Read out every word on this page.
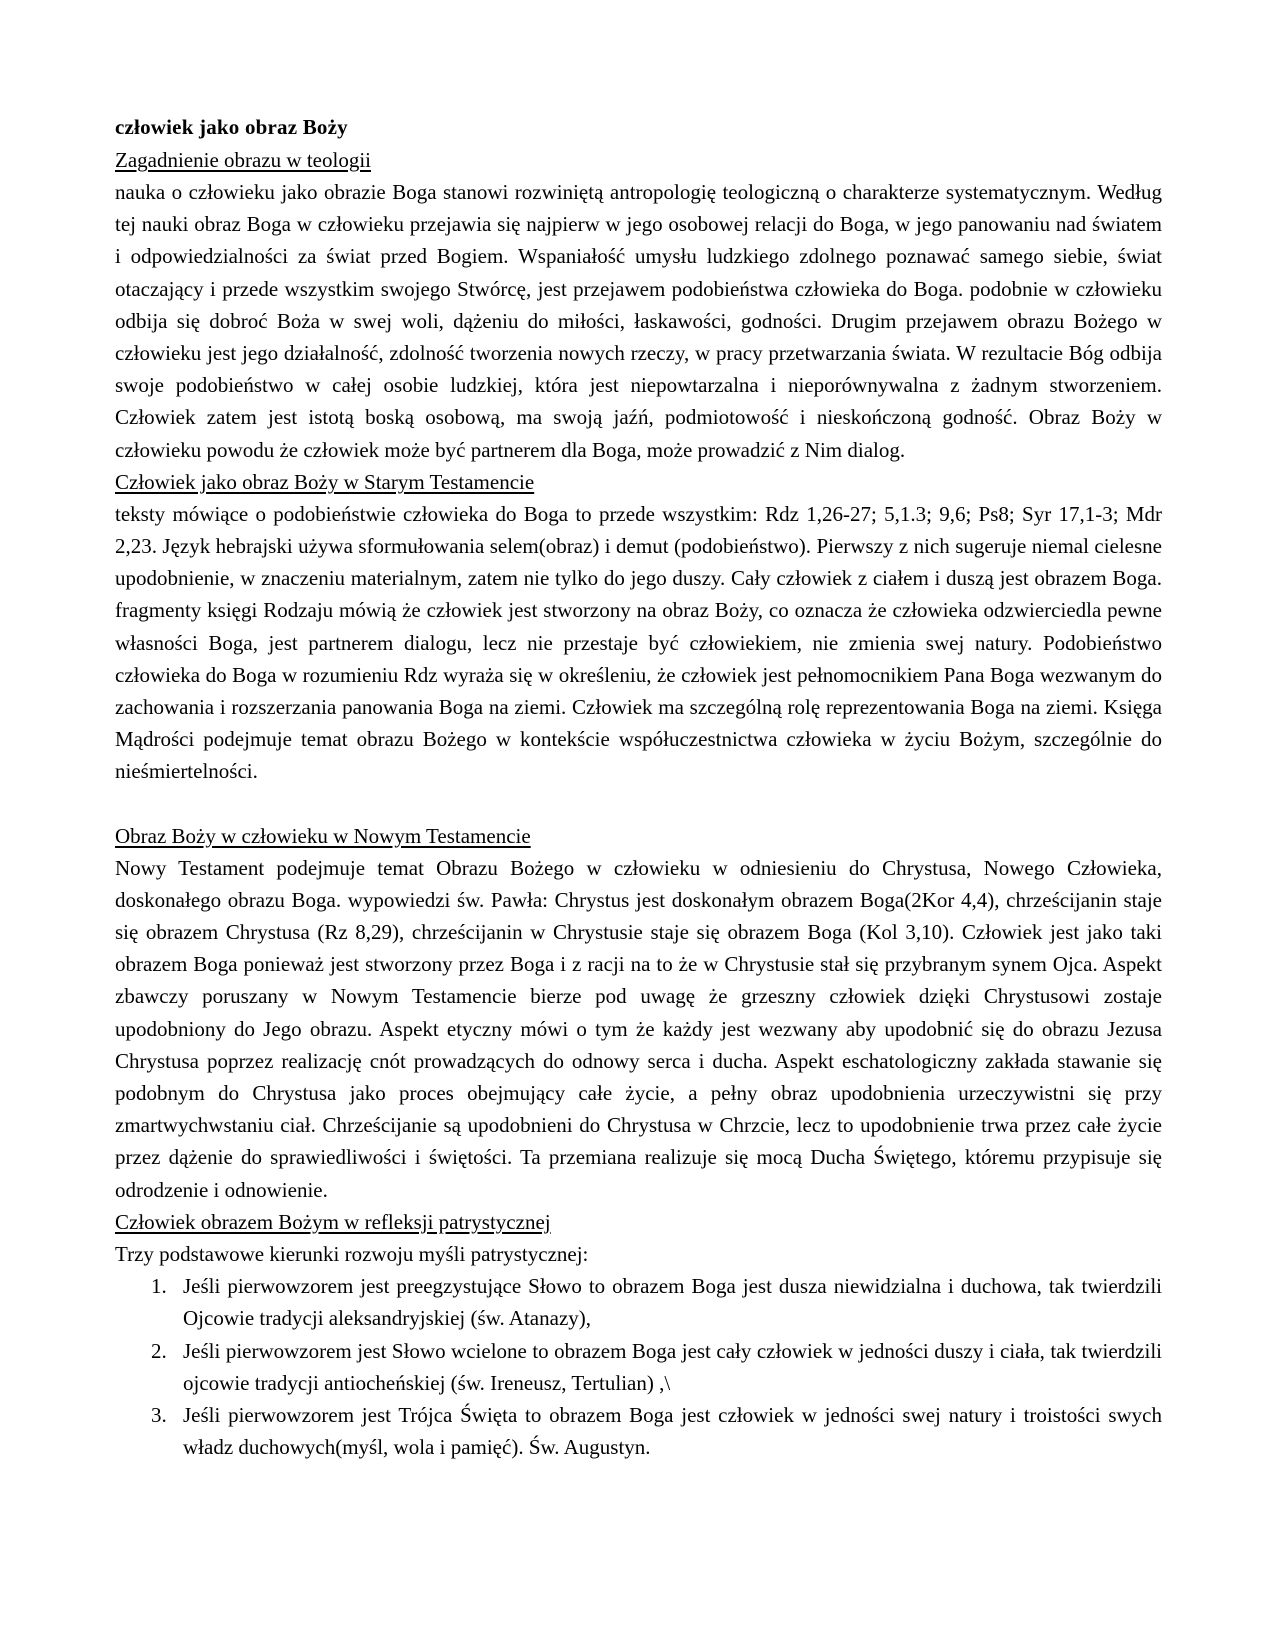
człowiek jako obraz Boży
Zagadnienie obrazu w teologii

nauka o człowieku jako obrazie Boga stanowi rozwiniętą antropologię teologiczną o charakterze systematycznym. Według tej nauki obraz Boga w człowieku przejawia się najpierw w jego osobowej relacji do Boga, w jego panowaniu nad światem i odpowiedzialności za świat przed Bogiem. Wspaniałość umysłu ludzkiego zdolnego poznawać samego siebie, świat otaczający i przede wszystkim swojego Stwórcę, jest przejawem podobieństwa człowieka do Boga. podobnie w człowieku odbija się dobroć Boża w swej woli, dążeniu do miłości, łaskawości, godności. Drugim przejawem obrazu Bożego w człowieku jest jego działalność, zdolność tworzenia nowych rzeczy, w pracy przetwarzania świata. W rezultacie Bóg odbija swoje podobieństwo w całej osobie ludzkiej, która jest niepowtarzalna i nieporównywalna z żadnym stworzeniem. Człowiek zatem jest istotą boską osobową, ma swoją jaźń, podmiotowość i nieskończoną godność. Obraz Boży w człowieku powodu że człowiek może być partnerem dla Boga, może prowadzić z Nim dialog.

Człowiek jako obraz Boży w Starym Testamencie

teksty mówiące o podobieństwie człowieka do Boga to przede wszystkim: Rdz 1,26-27; 5,1.3; 9,6; Ps8; Syr 17,1-3; Mdr 2,23. Język hebrajski używa sformułowania selem(obraz) i demut (podobieństwo). Pierwszy z nich sugeruje niemal cielesne upodobnienie, w znaczeniu materialnym, zatem nie tylko do jego duszy. Cały człowiek z ciałem i duszą jest obrazem Boga. fragmenty księgi Rodzaju mówią że człowiek jest stworzony na obraz Boży, co oznacza że człowieka odzwierciedla pewne własności Boga, jest partnerem dialogu, lecz nie przestaje być człowiekiem, nie zmienia swej natury. Podobieństwo człowieka do Boga w rozumieniu Rdz wyraża się w określeniu, że człowiek jest pełnomocnikiem Pana Boga wezwanym do zachowania i rozszerzania panowania Boga na ziemi. Człowiek ma szczególną rolę reprezentowania Boga na ziemi. Księga Mądrości podejmuje temat obrazu Bożego w kontekście współuczestnictwa człowieka w życiu Bożym, szczególnie do nieśmiertelności.

Obraz Boży w człowieku w Nowym Testamencie

Nowy Testament podejmuje temat Obrazu Bożego w człowieku w odniesieniu do Chrystusa, Nowego Człowieka, doskonałego obrazu Boga. wypowiedzi św. Pawła: Chrystus jest doskonałym obrazem Boga(2Kor 4,4), chrześcijanin staje się obrazem Chrystusa (Rz 8,29), chrześcijanin w Chrystusie staje się obrazem Boga (Kol 3,10). Człowiek jest jako taki obrazem Boga ponieważ jest stworzony przez Boga i z racji na to że w Chrystusie stał się przybranym synem Ojca. Aspekt zbawczy poruszany w Nowym Testamencie bierze pod uwagę że grzeszny człowiek dzięki Chrystusowi zostaje upodobniony do Jego obrazu. Aspekt etyczny mówi o tym że każdy jest wezwany aby upodobnić się do obrazu Jezusa Chrystusa poprzez realizację cnót prowadzących do odnowy serca i ducha. Aspekt eschatologiczny zakłada stawanie się podobnym do Chrystusa jako proces obejmujący całe życie, a pełny obraz upodobnienia urzeczywistni się przy zmartwychwstaniu ciał. Chrześcijanie są upodobnieni do Chrystusa w Chrzcie, lecz to upodobnienie trwa przez całe życie przez dążenie do sprawiedliwości i świętości. Ta przemiana realizuje się mocą Ducha Świętego, któremu przypisuje się odrodzenie i odnowienie.

Człowiek obrazem Bożym w refleksji patrystycznej

Trzy podstawowe kierunki rozwoju myśli patrystycznej:

Jeśli pierwowzorem jest preegzystujące Słowo to obrazem Boga jest dusza niewidzialna i duchowa, tak twierdzili Ojcowie tradycji aleksandryjskiej (św. Atanazy),
Jeśli pierwowzorem jest Słowo wcielone to obrazem Boga jest cały człowiek w jedności duszy i ciała, tak twierdzili ojcowie tradycji antiocheńskiej (św. Ireneusz, Tertulian) ,\
Jeśli pierwowzorem jest Trójca Święta to obrazem Boga jest człowiek w jedności swej natury i troistości swych władz duchowych(myśl, wola i pamięć). Św. Augustyn.
